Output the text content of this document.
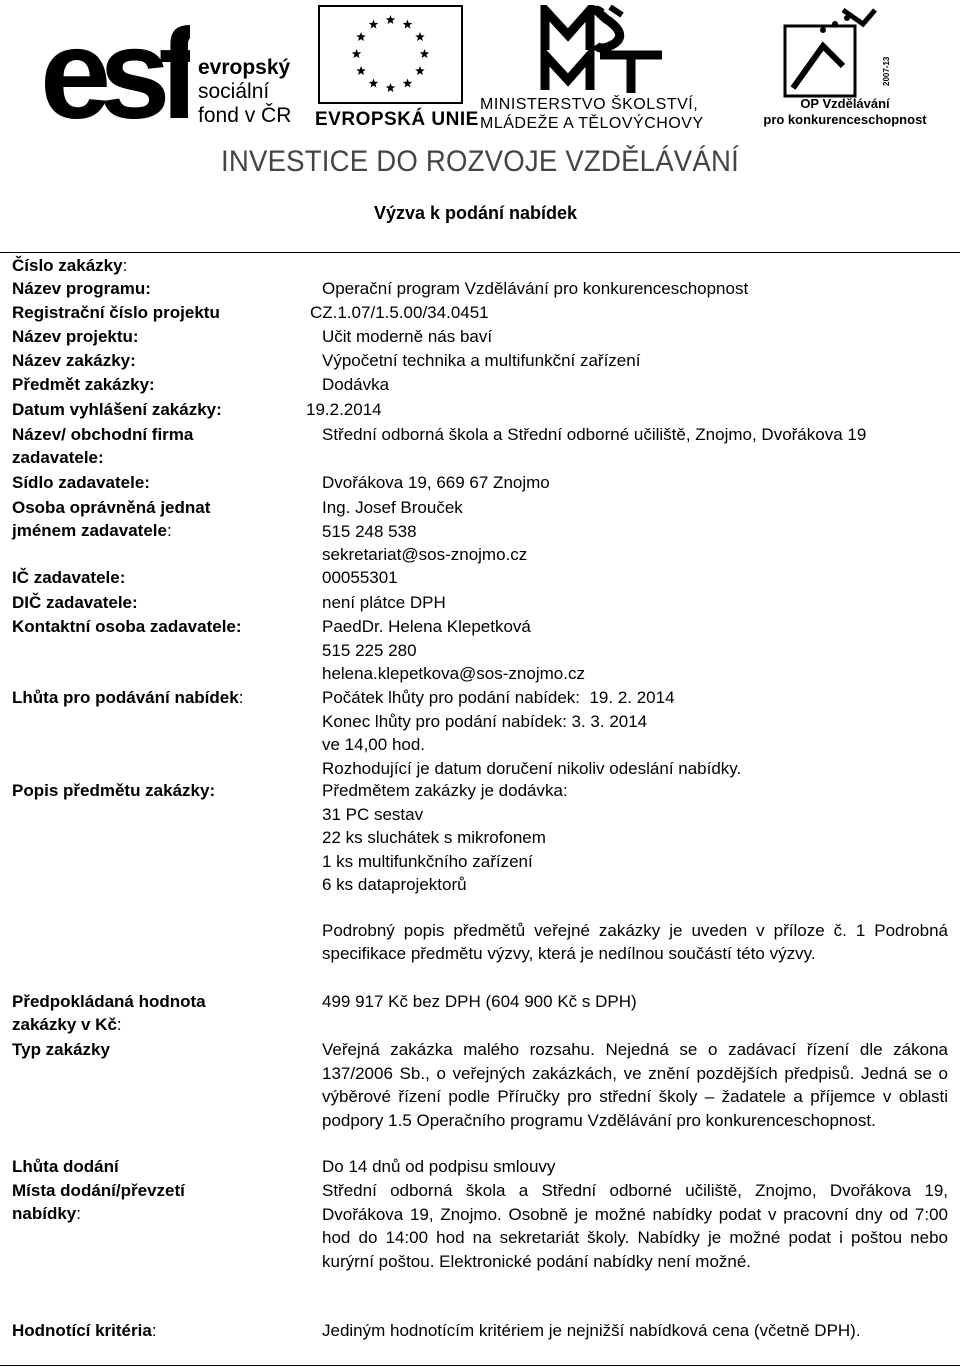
esf evropský
sociální
fond v ČR EVROPSKÁ UNIE
MINISTERSTVO ŠKOLSTVÍ,
MLÁDEŽE A TĚLOVÝCHOVY
2007-13
OP Vzdělávání
pro konkurenceschopnost
INVESTICE DO ROZVOJE VZDĚLÁVÁNÍ
Výzva k podání nabídek
Číslo zakázky:
Název programu:	Operační program Vzdělávání pro konkurenceschopnost
Registrační číslo projektu	CZ.1.07/1.5.00/34.0451
Název projektu:	Učit moderně nás baví
Název zakázky:	Výpočetní technika a multifunkční zařízení
Předmět zakázky:	Dodávka
Datum vyhlášení zakázky:	19.2.2014
Název/ obchodní firma zadavatele:
Střední odborná škola a Střední odborné učiliště, Znojmo, Dvořákova 19
Sídlo zadavatele:	Dvořákova 19, 669 67 Znojmo
Osoba oprávněná jednat jménem zadavatele:
Ing. Josef Brouček
515 248 538
sekretariat@sos-znojmo.cz
IČ zadavatele:	00055301
DIČ zadavatele:	není plátce DPH
Kontaktní osoba zadavatele:	PaedDr. Helena Klepetková
515 225 280
helena.klepetkova@sos-znojmo.cz
Lhůta pro podávání nabídek:	Počátek lhůty pro podání nabídek:  19. 2. 2014
Konec lhůty pro podání nabídek: 3. 3. 2014
ve 14,00 hod.
Rozhodující je datum doručení nikoliv odeslání nabídky.
Popis předmětu zakázky:	Předmětem zakázky je dodávka:
31 PC sestav
22 ks sluchátek s mikrofonem
1 ks multifunkčního zařízení
6 ks dataprojektorů
Podrobný popis předmětů veřejné zakázky je uveden v příloze č. 1 Podrobná specifikace předmětu výzvy, která je nedílnou součástí této výzvy.
Předpokládaná hodnota zakázky v Kč:
499 917 Kč bez DPH (604 900 Kč s DPH)
Typ zakázky	Veřejná zakázka malého rozsahu. Nejedná se o zadávací řízení dle zákona 137/2006 Sb., o veřejných zakázkách, ve znění pozdějších předpisů. Jedná se o výběrové řízení podle Příručky pro střední školy – žadatele a příjemce v oblasti podpory 1.5 Operačního programu Vzdělávání pro konkurenceschopnost.
Lhůta dodání	Do 14 dnů od podpisu smlouvy
Místa dodání/převzetí nabídky:
Střední odborná škola a Střední odborné učiliště, Znojmo, Dvořákova 19, Dvořákova 19, Znojmo. Osobně je možné nabídky podat v pracovní dny od 7:00 hod do 14:00 hod na sekretariát školy. Nabídky je možné podat i poštou nebo kurýrní poštou. Elektronické podání nabídky není možné.
Hodnotící kritéria:	Jediným hodnotícím kritériem je nejnižší nabídková cena (včetně DPH).
